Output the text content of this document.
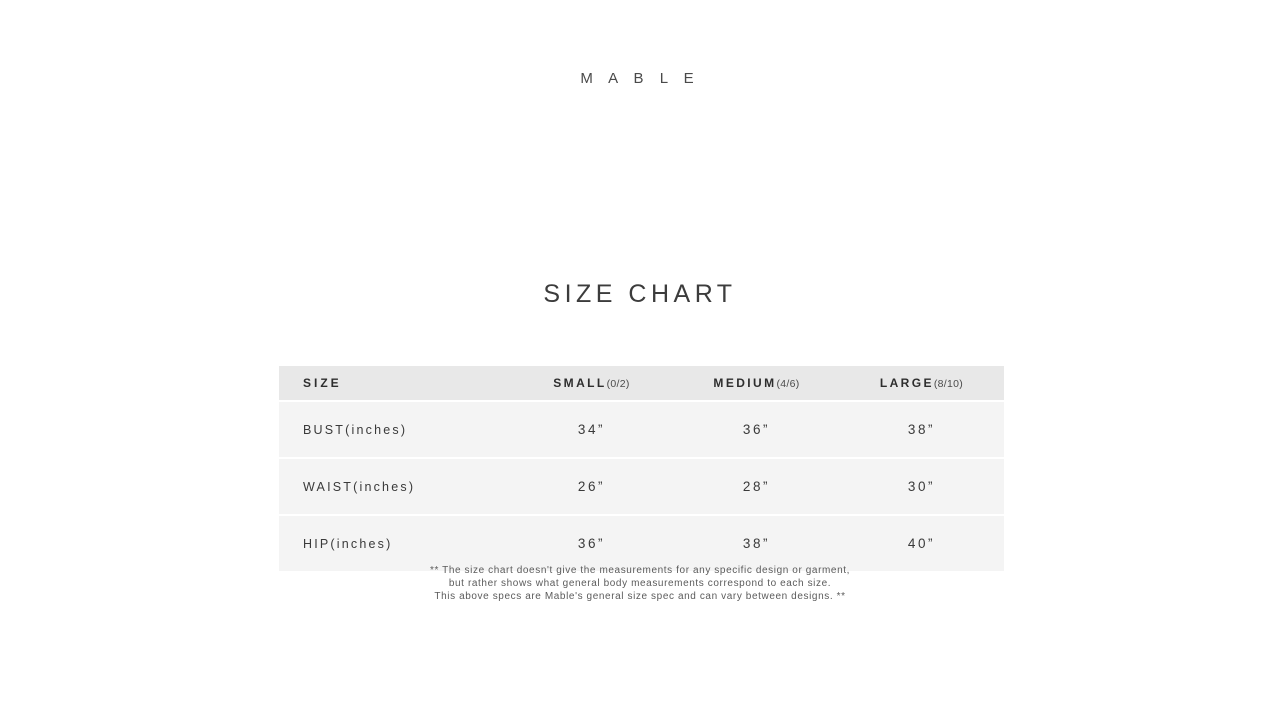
M A B L E
SIZE CHART
SIZE	SMALL(0/2)	MEDIUM(4/6)	LARGE(8/10)
BUST(inches)	34”	36”	38”
WAIST(inches)	26”	28”	30”
HIP(inches)	36”	38”	40”
** The size chart doesn't give the measurements for any specific design or garment,
but rather shows what general body measurements correspond to each size.
This above specs are Mable's general size spec and can vary between designs. **
